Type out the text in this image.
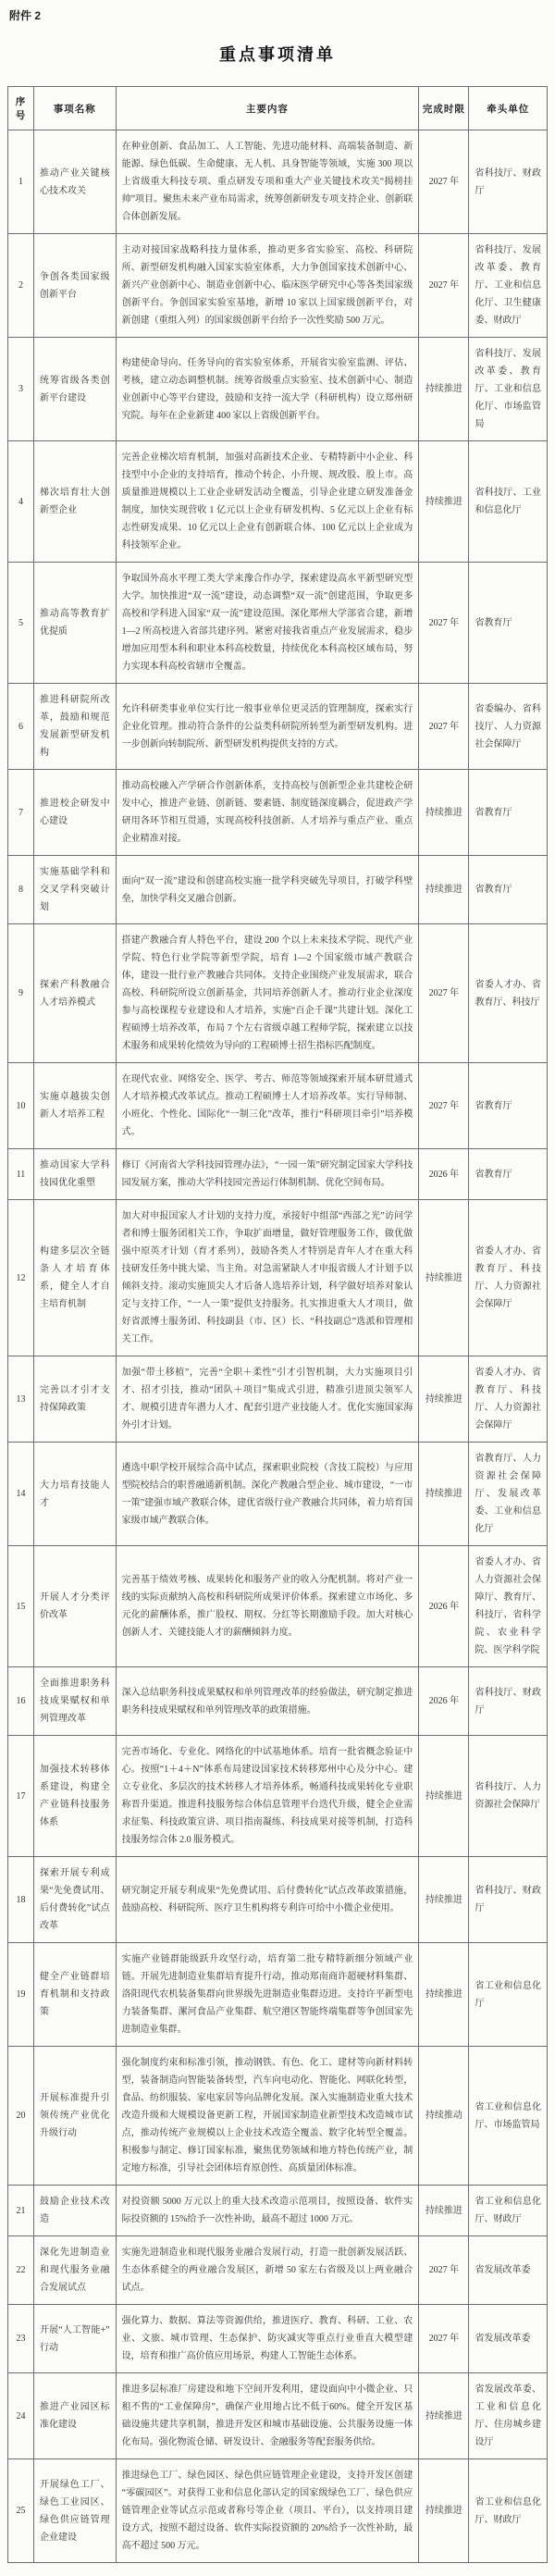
附件 2
重点事项清单
序号	事项名称	主要内容	完成时限	牵头单位
1	推动产业关键核心技术攻关	在种业创新、食品加工、人工智能、先进功能材料、高端装备制造、新能源、绿色低碳、生命健康、无人机、具身智能等领域，实施 300 项以上省级重大科技专项、重点研发专项和重大产业关键技术攻关“揭榜挂帅”项目。聚焦未来产业布局需求，统筹创新研发专项支持企业、创新联合体创新发展。	2027 年	省科技厅、财政厅
2	争创各类国家级创新平台	主动对接国家战略科技力量体系，推动更多省实验室、高校、科研院所、新型研发机构融入国家实验室体系，大力争创国家技术创新中心、新兴产业创新中心、制造业创新中心、临床医学研究中心等各类国家级创新平台。争创国家实验室基地，新增 10 家以上国家级创新平台，对新创建（重组入列）的国家级创新平台给予一次性奖励 500 万元。	2027 年	省科技厅、发展改革委、教育厅、工业和信息化厅、卫生健康委、财政厅
3	统筹省级各类创新平台建设	构建使命导向、任务导向的省实验室体系，开展省实验室监测、评估、考核，建立动态调整机制。统筹省级重点实验室、技术创新中心、制造业创新中心等平台建设，鼓励和支持一流大学（科研机构）设立郑州研究院。每年在企业新建 400 家以上省级创新平台。	持续推进	省科技厅、发展改革委、教育厅、工业和信息化厅、市场监管局
4	梯次培育壮大创新型企业	完善企业梯次培育机制，加强对高新技术企业、专精特新中小企业、科技型中小企业的支持培育，推动个转企、小升规、规改股、股上市。高质量推进规模以上工业企业研发活动全覆盖，引导企业建立研发准备金制度，加快实现营收 1 亿元以上企业有研发机构、5 亿元以上企业有标志性研发成果、10 亿元以上企业有创新联合体、100 亿元以上企业成为科技领军企业。	持续推进	省科技厅、工业和信息化厅
5	推动高等教育扩优提质	争取国外高水平理工类大学来豫合作办学，探索建设高水平新型研究型大学。加快推进“双一流”建设，动态调整“双一流”创建范围，争取更多高校和学科进入国家“双一流”建设范围。深化郑州大学部省合建，新增 1—2 所高校进入省部共建序列。紧密对接我省重点产业发展需求，稳步增加应用型本科和职业本科高校数量，持续优化本科高校区域布局，努力实现本科高校省辖市全覆盖。	2027 年	省教育厅
6	推进科研院所改革，鼓励和规范发展新型研发机构	允许科研类事业单位实行比一般事业单位更灵活的管理制度，探索实行企业化管理。推动符合条件的公益类科研院所转型为新型研发机构。进一步创新向转制院所、新型研发机构提供支持的方式。	2027 年	省委编办、省科技厅、人力资源社会保障厅
7	推进校企研发中心建设	推动高校融入产学研合作创新体系，支持高校与创新型企业共建校企研发中心，推进产业链、创新链、要素链、制度链深度耦合，促进政产学研用各环节相互贯通，实现高校科技创新、人才培养与重点产业、重点企业精准对接。	持续推进	省教育厅
8	实施基础学科和交叉学科突破计划	面向“双一流”建设和创建高校实施一批学科突破先导项目，打破学科壁垒，加快学科交叉融合创新。	持续推进	省教育厅
9	探索产科教融合人才培养模式	搭建产教融合育人特色平台，建设 200 个以上未来技术学院、现代产业学院、特色行业学院等新型学院，培育 1—2 个国家级市域产教联合体，建设一批行业产教融合共同体。支持企业围绕产业发展需求，联合高校、科研院所设立创新基金，共同培养创新人才。推动行业企业深度参与高校课程专业建设和人才培养，实施“百企千课”共建计划。深化工程硕博士培养改革，布局 7 个左右省级卓越工程师学院，探索建立以技术服务和成果转化绩效为导向的工程硕博士招生指标匹配制度。	2027 年	省委人才办、省教育厅、科技厅
10	实施卓越拔尖创新人才培养工程	在现代农业、网络安全、医学、考古、师范等领域探索开展本研贯通式人才培养模式改革试点。推动工程硕博士人才培养改革。实行导师制、小班化、个性化、国际化“一制三化”改革，推行“科研项目牵引”培养模式。	2027 年	省教育厅
11	推动国家大学科技园优化重塑	修订《河南省大学科技园管理办法》，“一园一策”研究制定国家大学科技园发展方案，推动大学科技园完善运行体制机制、优化空间布局。	2026 年	省教育厅
12	构建多层次全链条人才培育体系，健全人才自主培育机制	加大对申报国家人才计划的支持力度，承接好中组部“西部之光”访问学者和博士服务团相关工作，争取扩面增量，做好管理服务工作，做优做强中原英才计划（育才系列），鼓励各类人才特别是青年人才在重大科技研发任务中挑大梁、当主角。对急需紧缺人才申报省级人才计划予以倾斜支持。滚动实施顶尖人才后备人选培养计划，科学做好培养对象认定与支持工作，“一人一策”提供支持服务。扎实推进重大人才项目，做好省派博士服务团、科技副县（市、区）长、“科技副总”选派和管理相关工作。	持续推进	省委人才办、省教育厅、科技厅、人力资源社会保障厅
13	完善以才引才支持保障政策	加强“带土移植”，完善“全职＋柔性”引才引智机制，大力实施项目引才、招才引技，推动“团队＋项目”集成式引进，精准引进顶尖领军人才、规模引进青年潜力人才、配套引进产业技能人才。优化实施国家海外引才计划。	持续推进	省委人才办、省教育厅、科技厅、人力资源社会保障厅
14	大力培育技能人才	遴选中职学校开展综合高中试点，探索职业院校（含技工院校）与应用型院校结合的职普融通新机制。深化产教融合型企业、城市建设，“一市一策”建强市域产教联合体，建优省级行业产教融合共同体，着力培育国家级市域产教联合体。	持续推进	省教育厅、人力资源社会保障厅、发展改革委、工业和信息化厅
15	开展人才分类评价改革	完善基于绩效考核、成果转化和服务产业的收入分配机制。将对产业一线的实际贡献纳入高校和科研院所成果评价体系。探索建立市场化、多元化的薪酬体系，推广股权、期权、分红等长期激励手段。加大对核心创新人才、关键技能人才的薪酬倾斜力度。	2026 年	省委人才办、省人力资源社会保障厅、教育厅、科技厅、省科学院、农业科学院、医学科学院
16	全面推进职务科技成果赋权和单列管理改革	深入总结职务科技成果赋权和单列管理改革的经验做法，研究制定推进职务科技成果赋权和单列管理改革的政策措施。	2026 年	省科技厅、财政厅
17	加强技术转移体系建设，构建全产业链科技服务体系	完善市场化、专业化、网络化的中试基地体系。培育一批省概念验证中心。按照“1＋4＋N”体系布局建设国家技术转移郑州中心及分中心。建立专业化、多层次的技术转移人才培养体系，畅通科技成果转化专业职称晋升渠道。推进科技服务综合体信息管理平台迭代升级，健全企业需求征集、科技政策宣讲、项目指南凝练、科技成果对接等机制，打造科技服务综合体 2.0 服务模式。	持续推进	省科技厅、人力资源社会保障厅
18	探索开展专利成果“先免费试用、后付费转化”试点改革	研究制定开展专利成果“先免费试用、后付费转化”试点改革政策措施，鼓励高校、科研院所、医疗卫生机构将专利许可给中小微企业使用。	持续推进	省科技厅、财政厅
19	健全产业链群培育机制和支持政策	实施产业链群能级跃升攻坚行动，培育第二批专精特新细分领域产业链。开展先进制造业集群培育提升行动，推动郑南商许超硬材料集群、洛阳现代农机装备集群向世界级先进制造业集群迈进。支持许平新型电力装备集群、漯河食品产业集群、航空港区智能终端集群等争创国家先进制造业集群。	持续推进	省工业和信息化厅
20	开展标准提升引领传统产业优化升级行动	强化制度约束和标准引领，推动钢铁、有色、化工、建材等向新材料转型，装备制造向智能装备转型，汽车向电动化、智能化、网联化转型，食品、纺织服装、家电家居等向品牌化发展。深入实施制造业重大技术改造升级和大规模设备更新工程，开展国家制造业新型技术改造城市试点，推动传统产业规模以上企业技术改造全覆盖、数字化转型全覆盖。积极参与制定、修订国家标准，聚焦优势领域和地方特色传统产业，制定地方标准，引导社会团体培育原创性、高质量团体标准。	持续推动	省工业和信息化厅、市场监管局
21	鼓励企业技术改造	对投资额 5000 万元以上的重大技术改造示范项目，按照设备、软件实际投资额的 15%给予一次性补助，最高不超过 1000 万元。	持续推进	省工业和信息化厅、财政厅
22	深化先进制造业和现代服务业融合发展试点	实施先进制造业和现代服务业融合发展行动，打造一批创新发展活跃、生态体系健全的两业融合发展区，新增 50 家左右省级及以上两业融合试点。	2027 年	省发展改革委
23	开展“人工智能+”行动	强化算力、数据、算法等资源供给，推进医疗、教育、科研、工业、农业、文旅、城市管理、生态保护、防灾减灾等重点行业垂直大模型建设，培育和推广高价值应用场景，构建人工智能生态体系。	2027 年	省发展改革委
24	推进产业园区标准化建设	推进多层标准厂房建设和地下空间开发利用，建设面向中小微企业、只租不售的“工业保障房”，确保产业用地占比不低于60%。健全开发区基础设施共建共享机制，推进开发区和城市基础设施、公共服务设施一体化布局。强化物流仓储、研发设计、金融服务等配套服务供给。	持续推进	省发展改革委、工业和信息化厅、住房城乡建设厅
25	开展绿色工厂、绿色工业园区、绿色供应链管理企业建设	推进绿色工厂、绿色园区、绿色供应链管理企业建设，支持开发区创建“零碳园区”。对获得工业和信息化部认定的国家级绿色工厂、绿色供应链管理企业等试点示范或者称号等企业（项目、平台），以支持项目建设方式，按照不超过设备、软件实际投资额的 20%给予一次性补助，最高不超过 500 万元。	持续推进	省工业和信息化厅、财政厅
